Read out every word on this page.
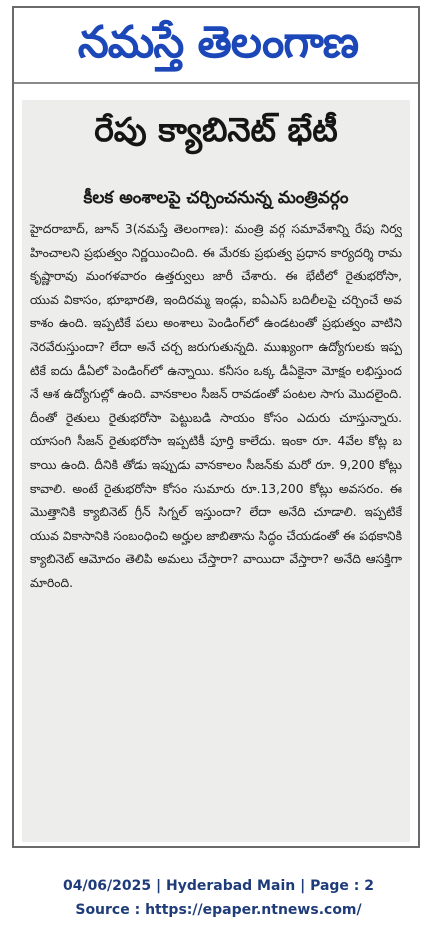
నమస్తే తెలంగాణ
రేపు క్యాబినెట్ భేటీ
కీలక అంశాలపై చర్చించనున్న మంత్రివర్గం
హైదరాబాద్, జూన్ 3(నమస్తే తెలంగాణ): మంత్రి వర్గ సమావేశాన్ని రేపు నిర్వహించాలని ప్రభుత్వం నిర్ణయించింది. ఈ మేరకు ప్రభుత్వ ప్రధాన కార్యదర్శి రామకృష్ణారావు మంగళవారం ఉత్తర్వులు జారీ చేశారు. ఈ భేటీలో రైతుభరోసా, యువ వికాసం, భూభారతి, ఇందిరమ్మ ఇండ్లు, ఐఏఎస్ బదిలీలపై చర్చించే అవకాశం ఉంది. ఇప్పటికే పలు అంశాలు పెండింగ్‌లో ఉండటంతో ప్రభుత్వం వాటిని నెరవేరుస్తుందా? లేదా అనే చర్చ జరుగుతున్నది. ముఖ్యంగా ఉద్యోగులకు ఇప్పటికే ఐదు డీఏలో పెండింగ్‌లో ఉన్నాయి. కనీసం ఒక్క డీఏకైనా మోక్షం లభిస్తుందనే ఆశ ఉద్యోగుల్లో ఉంది. వానకాలం సీజన్ రావడంతో పంటల సాగు మొదలైంది. దీంతో రైతులు రైతుభరోసా పెట్టుబడి సాయం కోసం ఎదురు చూస్తున్నారు. యాసంగి సీజన్ రైతుభరోసా ఇప్పటికీ పూర్తి కాలేదు. ఇంకా రూ. 4వేల కోట్ల బకాయి ఉంది. దీనికి తోడు ఇప్పుడు వానకాలం సీజన్‌కు మరో రూ. 9,200 కోట్లు కావాలి. అంటే రైతుభరోసా కోసం సుమారు రూ.13,200 కోట్లు అవసరం. ఈ మొత్తానికి క్యాబినెట్ గ్రీన్ సిగ్నల్ ఇస్తుందా? లేదా అనేది చూడాలి. ఇప్పటికే యువ వికాసానికి సంబంధించి అర్హుల జాబితాను సిద్ధం చేయడంతో ఈ పథకానికి క్యాబినెట్ ఆమోదం తెలిపి అమలు చేస్తారా? వాయిదా వేస్తారా? అనేది ఆసక్తిగా మారింది.
04/06/2025 | Hyderabad Main | Page : 2
Source : https://epaper.ntnews.com/
